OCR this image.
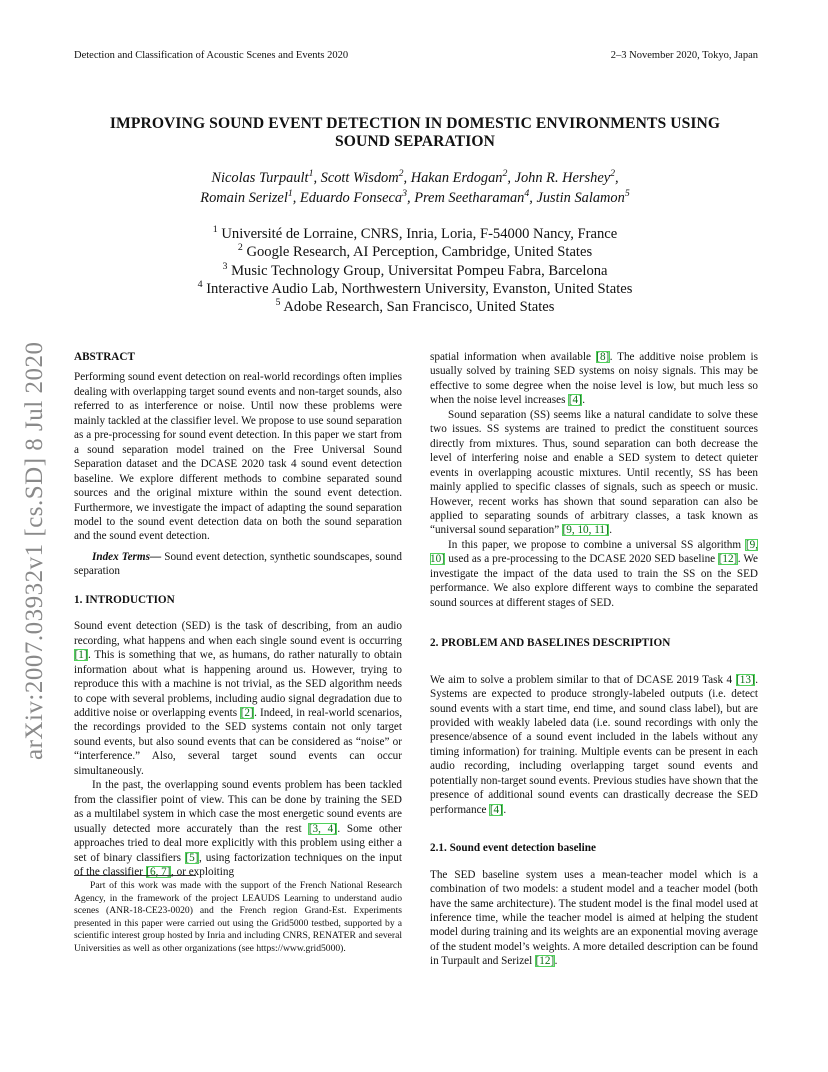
Detection and Classification of Acoustic Scenes and Events 2020	2–3 November 2020, Tokyo, Japan
IMPROVING SOUND EVENT DETECTION IN DOMESTIC ENVIRONMENTS USING
SOUND SEPARATION
Nicolas Turpault$^1$, Scott Wisdom$^2$, Hakan Erdogan$^2$, John R. Hershey$^2$,
Romain Serizel$^1$, Eduardo Fonseca$^3$, Prem Seetharaman$^4$, Justin Salamon$^5$
$^1$ Université de Lorraine, CNRS, Inria, Loria, F-54000 Nancy, France
$^2$ Google Research, AI Perception, Cambridge, United States
$^3$ Music Technology Group, Universitat Pompeu Fabra, Barcelona
$^4$ Interactive Audio Lab, Northwestern University, Evanston, United States
$^5$ Adobe Research, San Francisco, United States
arXiv:2007.03932v1 [cs.SD] 8 Jul 2020 ABSTRACT

Performing sound event detection on real-world recordings often implies dealing with overlapping target sound events and non-target sounds, also referred to as interference or noise. Until now these problems were mainly tackled at the classifier level. We propose to use sound separation as a pre-processing for sound event detection. In this paper we start from a sound separation model trained on the Free Universal Sound Separation dataset and the DCASE 2020 task 4 sound event detection baseline. We explore different methods to combine separated sound sources and the original mixture within the sound event detection. Furthermore, we investigate the impact of adapting the sound separation model to the sound event detection data on both the sound separation and the sound event detection.

Index Terms— Sound event detection, synthetic soundscapes, sound separation

1. INTRODUCTION

Sound event detection (SED) is the task of describing, from an audio recording, what happens and when each single sound event is occurring [1]. This is something that we, as humans, do rather naturally to obtain information about what is happening around us. However, trying to reproduce this with a machine is not trivial, as the SED algorithm needs to cope with several problems, including audio signal degradation due to additive noise or overlapping events [2]. Indeed, in real-world scenarios, the recordings provided to the SED systems contain not only target sound events, but also sound events that can be considered as “noise” or “interference.” Also, several target sound events can occur simultaneously.

In the past, the overlapping sound events problem has been tackled from the classifier point of view. This can be done by training the SED as a multilabel system in which case the most energetic sound events are usually detected more accurately than the rest [3, 4]. Some other approaches tried to deal more explicitly with this problem using either a set of binary classifiers [5], using factorization techniques on the input of the classifier [6, 7], or exploiting

Part of this work was made with the support of the French National Research Agency, in the framework of the project LEAUDS Learning to understand audio scenes (ANR-18-CE23-0020) and the French region Grand-Est. Experiments presented in this paper were carried out using the Grid5000 testbed, supported by a scientific interest group hosted by Inria and including CNRS, RENATER and several Universities as well as other organizations (see https://www.grid5000).

spatial information when available [8]. The additive noise problem is usually solved by training SED systems on noisy signals. This may be effective to some degree when the noise level is low, but much less so when the noise level increases [4].

Sound separation (SS) seems like a natural candidate to solve these two issues. SS systems are trained to predict the constituent sources directly from mixtures. Thus, sound separation can both decrease the level of interfering noise and enable a SED system to detect quieter events in overlapping acoustic mixtures. Until recently, SS has been mainly applied to specific classes of signals, such as speech or music. However, recent works has shown that sound separation can also be applied to separating sounds of arbitrary classes, a task known as “universal sound separation” [9, 10, 11].

In this paper, we propose to combine a universal SS algorithm [9, 10] used as a pre-processing to the DCASE 2020 SED baseline [12]. We investigate the impact of the data used to train the SS on the SED performance. We also explore different ways to combine the separated sound sources at different stages of SED.

2. PROBLEM AND BASELINES DESCRIPTION

We aim to solve a problem similar to that of DCASE 2019 Task 4 [13]. Systems are expected to produce strongly-labeled outputs (i.e. detect sound events with a start time, end time, and sound class label), but are provided with weakly labeled data (i.e. sound recordings with only the presence/absence of a sound event included in the labels without any timing information) for training. Multiple events can be present in each audio recording, including overlapping target sound events and potentially non-target sound events. Previous studies have shown that the presence of additional sound events can drastically decrease the SED performance [4].

2.1. Sound event detection baseline

The SED baseline system uses a mean-teacher model which is a combination of two models: a student model and a teacher model (both have the same architecture). The student model is the final model used at inference time, while the teacher model is aimed at helping the student model during training and its weights are an exponential moving average of the student model’s weights. A more detailed description can be found in Turpault and Serizel [12].
